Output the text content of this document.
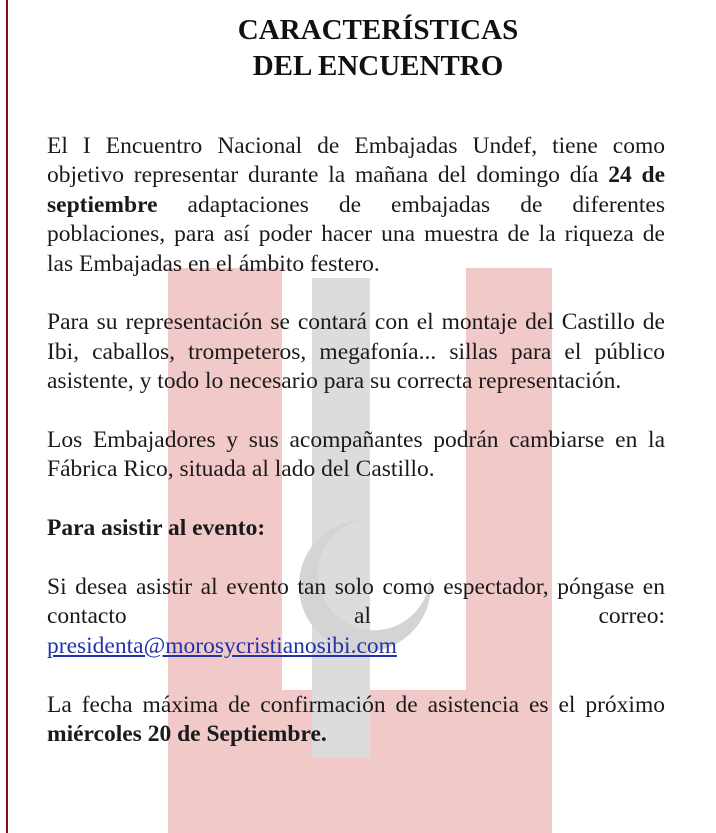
CARACTERÍSTICAS
DEL ENCUENTRO

El I Encuentro Nacional de Embajadas Undef, tiene como objetivo representar durante la mañana del domingo día 24 de septiembre adaptaciones de embajadas de diferentes poblaciones, para así poder hacer una muestra de la riqueza de las Embajadas en el ámbito festero.

Para su representación se contará con el montaje del Castillo de Ibi, caballos, trompeteros, megafonía... sillas para el público asistente, y todo lo necesario para su correcta representación.

Los Embajadores y sus acompañantes podrán cambiarse en la Fábrica Rico, situada al lado del Castillo.

Para asistir al evento:

Si desea asistir al evento tan solo como espectador, póngase en contacto al correo:

presidenta@morosycristianosibi.com

La fecha máxima de confirmación de asistencia es el próximo miércoles 20 de Septiembre.
